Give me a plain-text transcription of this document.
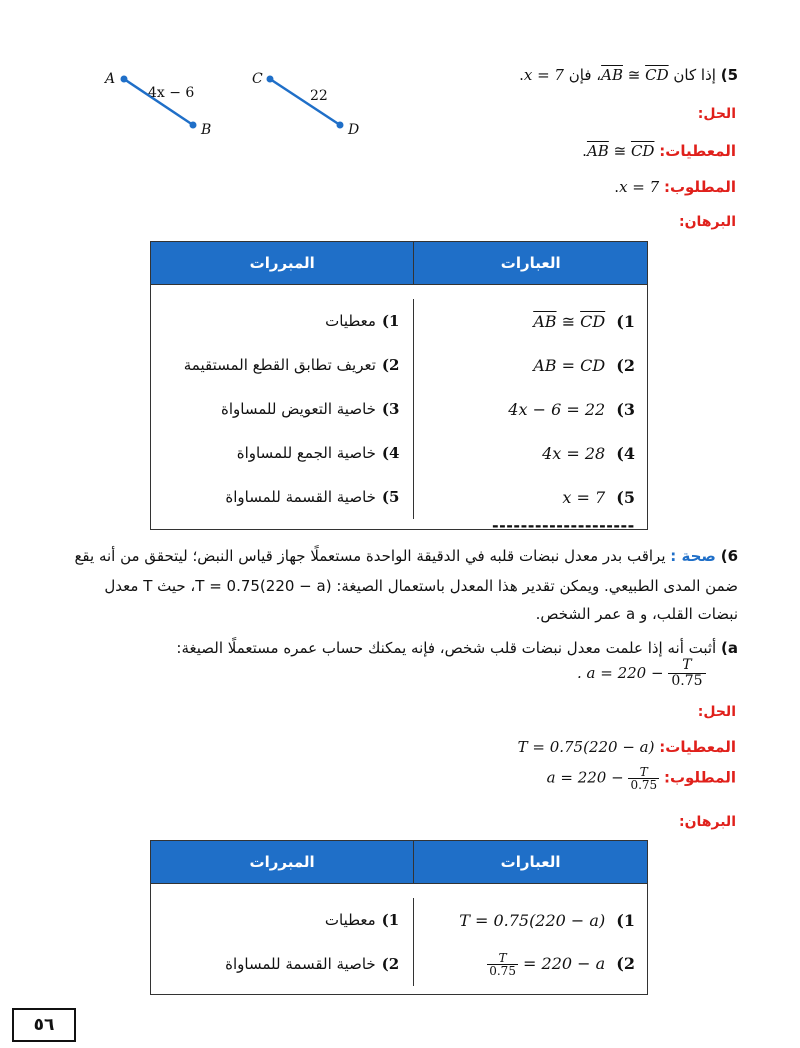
A
B
C
D
4x − 6	22
5) إذا كان $\overline{AB}$ ≅ $\overline{CD}،$ فإن x = 7.
الحل:
المعطيات: $\overline{AB}$ ≅ $\overline{CD}$.
المطلوب: x = 7.
البرهان:
المبررات	العبارات

1)معطيات	$\overline{AB}$ ≅ $\overline{CD}$ (1
2)تعريف تطابق القطع المستقيمة	AB = CD (2
3)خاصية التعويض للمساواة	4x − 6 = 22 (3
4)خاصية الجمع للمساواة	4x = 28 (4
5)خاصية القسمة للمساواة	x = 7 (5

--------------------
6) صحة : يراقب بدر معدل نبضات قلبه في الدقيقة الواحدة مستعملًا جهاز قياس النبض؛ ليتحقق من أنه يقع
ضمن المدى الطبيعي. ويمكن تقدير هذا المعدل باستعمال الصيغة: T = 0.75(220 − a)، حيث T معدل
نبضات القلب، و a عمر الشخص.
a) أثبت أنه إذا علمت معدل نبضات قلب شخص، فإنه يمكنك حساب عمره مستعملًا الصيغة:
. $a = 220 - \frac{T}{0.75}$
الحل:
المعطيات: T = 0.75(220 − a)
المطلوب: $a = 220 - \frac{T}{0.75}$
البرهان:
المبررات	العبارات

1)معطيات	T = 0.75(220 − a) (1
2)خاصية القسمة للمساواة	$\frac{T}{0.75} = 220 - a$ (2

٥٦
